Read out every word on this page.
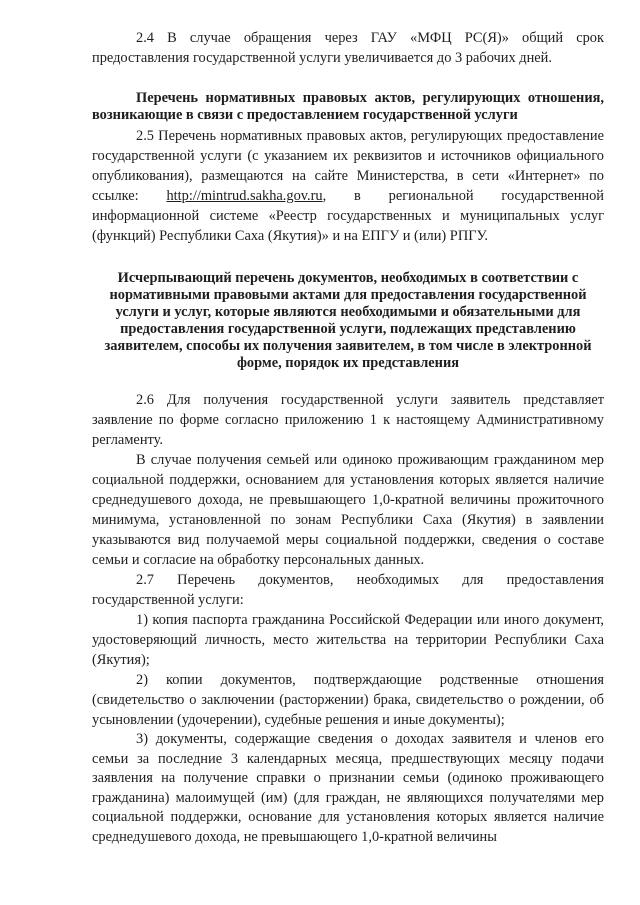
2.4 В случае обращения через ГАУ «МФЦ РС(Я)» общий срок предоставления государственной услуги увеличивается до 3 рабочих дней.

Перечень нормативных правовых актов, регулирующих отношения, возникающие в связи с предоставлением государственной услуги

2.5 Перечень нормативных правовых актов, регулирующих предоставление государственной услуги (с указанием их реквизитов и источников официального опубликования), размещаются на сайте Министерства, в сети «Интернет» по ссылке: http://mintrud.sakha.gov.ru, в региональной государственной информационной системе «Реестр государственных и муниципальных услуг (функций) Республики Саха (Якутия)» и на ЕПГУ и (или) РПГУ.

Исчерпывающий перечень документов, необходимых в соответствии с нормативными правовыми актами для предоставления государственной услуги и услуг, которые являются необходимыми и обязательными для предоставления государственной услуги, подлежащих представлению заявителем, способы их получения заявителем, в том числе в электронной форме, порядок их представления

2.6 Для получения государственной услуги заявитель представляет заявление по форме согласно приложению 1 к настоящему Административному регламенту.

В случае получения семьей или одиноко проживающим гражданином мер социальной поддержки, основанием для установления которых является наличие среднедушевого дохода, не превышающего 1,0-кратной величины прожиточного минимума, установленной по зонам Республики Саха (Якутия) в заявлении указываются вид получаемой меры социальной поддержки, сведения о составе семьи и согласие на обработку персональных данных.

2.7 Перечень документов, необходимых для предоставления государственной услуги:

1) копия паспорта гражданина Российской Федерации или иного документ, удостоверяющий личность, место жительства на территории Республики Саха (Якутия);

2) копии документов, подтверждающие родственные отношения (свидетельство о заключении (расторжении) брака, свидетельство о рождении, об усыновлении (удочерении), судебные решения и иные документы);

3) документы, содержащие сведения о доходах заявителя и членов его семьи за последние 3 календарных месяца, предшествующих месяцу подачи заявления на получение справки о признании семьи (одиноко проживающего гражданина) малоимущей (им) (для граждан, не являющихся получателями мер социальной поддержки, основание для установления которых является наличие среднедушевого дохода, не превышающего 1,0-кратной величины
